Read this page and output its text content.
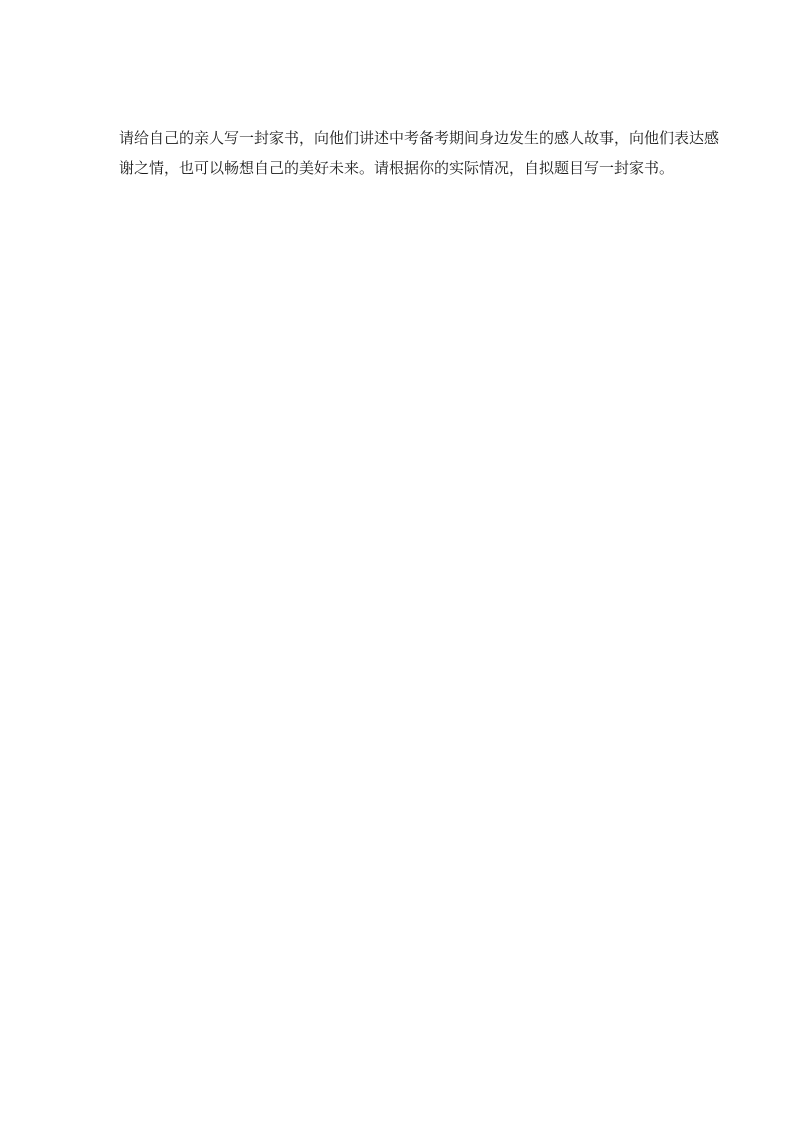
请给自己的亲人写一封家书，向他们讲述中考备考期间身边发生的感人故事，向他们表达感
谢之情，也可以畅想自己的美好未来。请根据你的实际情况，自拟题目写一封家书。
